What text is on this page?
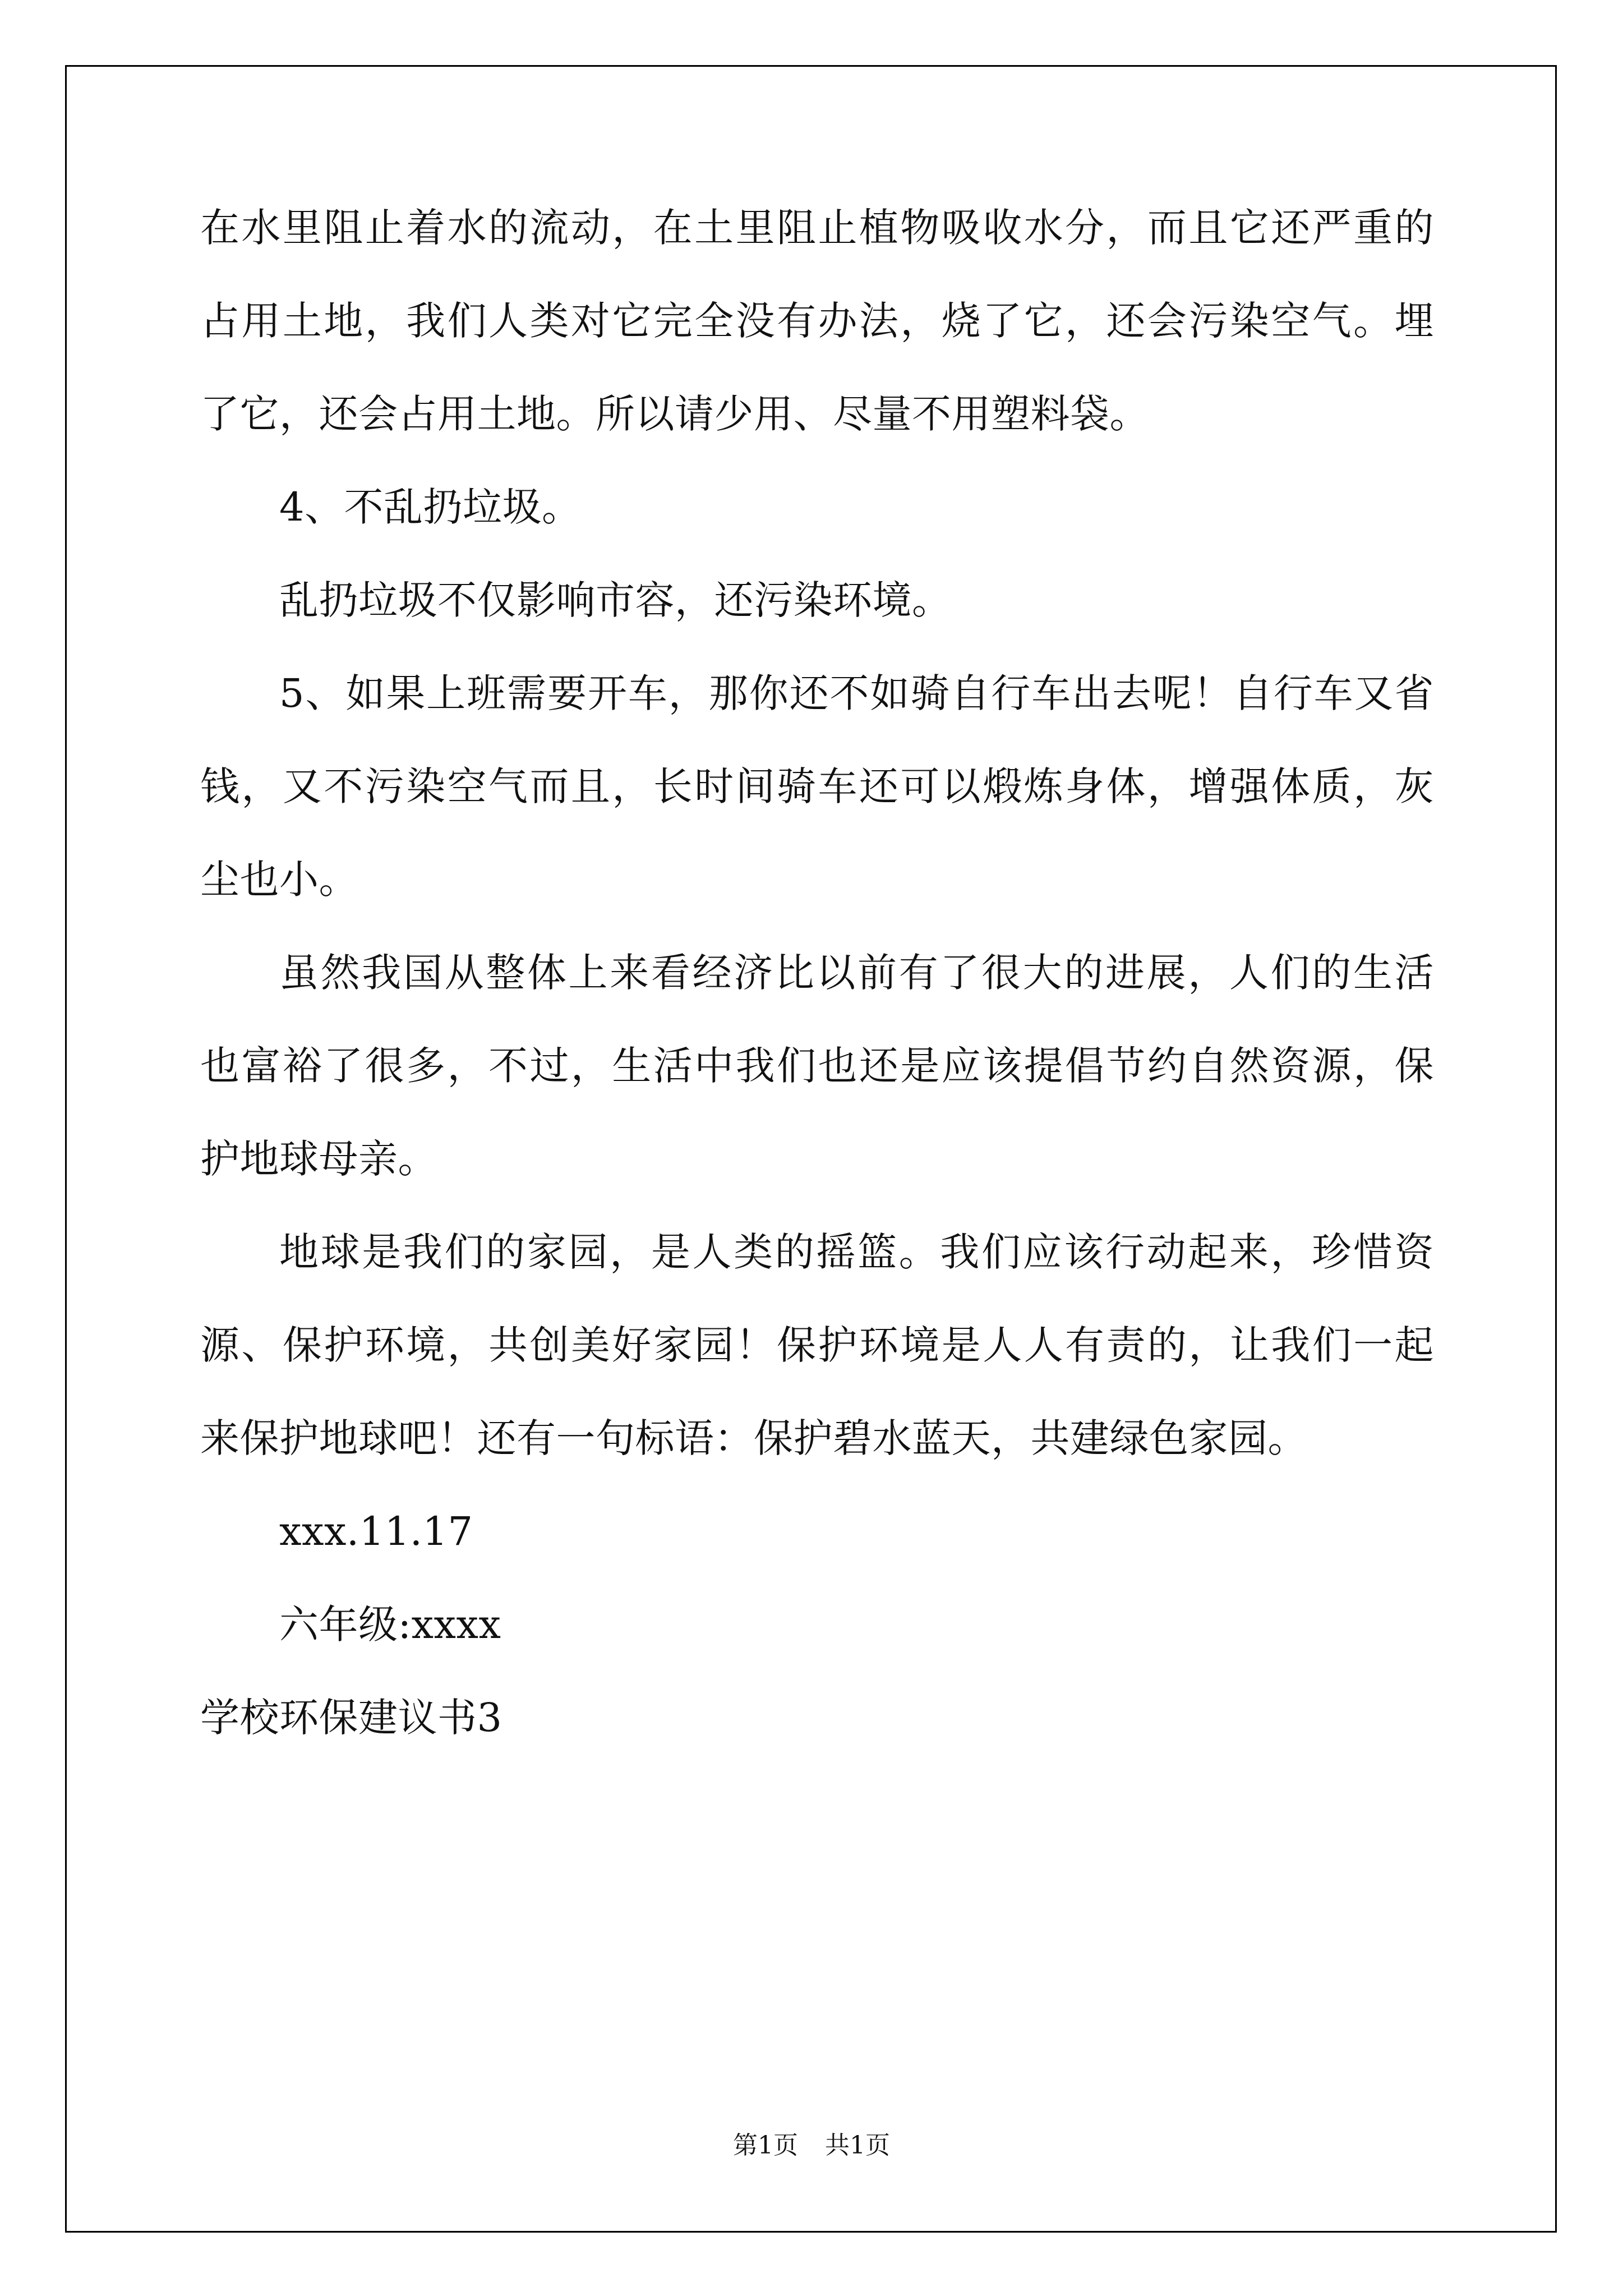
在水里阻止着水的流动，在土里阻止植物吸收水分，而且它还严重的
占用土地，我们人类对它完全没有办法，烧了它，还会污染空气。埋
了它，还会占用土地。所以请少用、尽量不用塑料袋。
4、不乱扔垃圾。
乱扔垃圾不仅影响市容，还污染环境。
5、如果上班需要开车，那你还不如骑自行车出去呢！自行车又省
钱，又不污染空气而且，长时间骑车还可以煅炼身体，增强体质，灰
尘也小。
虽然我国从整体上来看经济比以前有了很大的进展，人们的生活
也富裕了很多，不过，生活中我们也还是应该提倡节约自然资源，保
护地球母亲。
地球是我们的家园，是人类的摇篮。我们应该行动起来，珍惜资
源、保护环境，共创美好家园！保护环境是人人有责的，让我们一起
来保护地球吧！还有一句标语：保护碧水蓝天，共建绿色家园。
xxx.11.17
六年级:xxxx
学校环保建议书3
第1页 共1页
